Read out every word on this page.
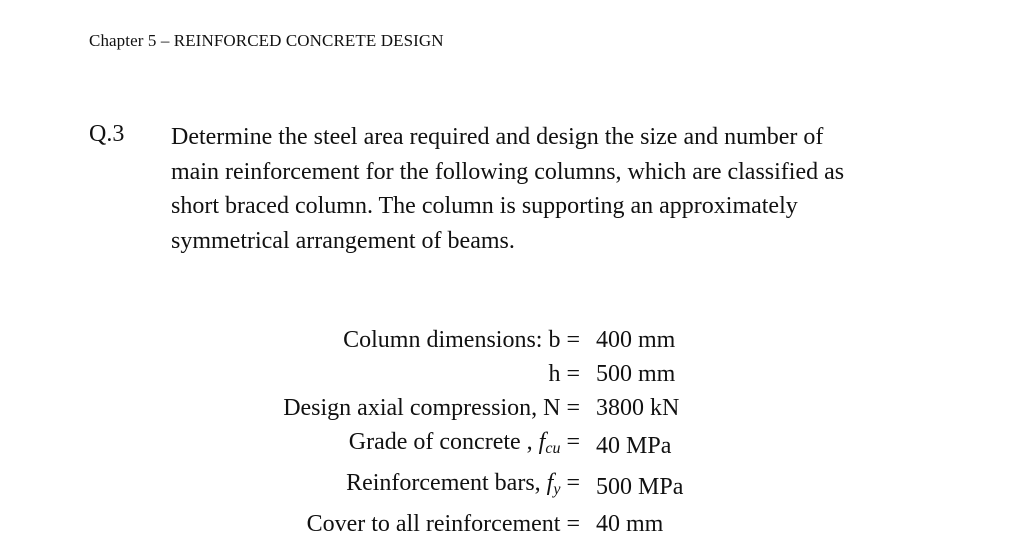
Chapter 5 – REINFORCED CONCRETE DESIGN
Q.3 Determine the steel area required and design the size and number of

main reinforcement for the following columns, which are classified as

short braced column. The column is supporting an approximately

symmetrical arrangement of beams.

Column dimensions: b =	400 mm
h =	500 mm
Design axial compression, N =	3800 kN
Grade of concrete , $f_{cu}$ =	40 MPa
Reinforcement bars, $f_y$ =	500 MPa
Cover to all reinforcement =	40 mm
